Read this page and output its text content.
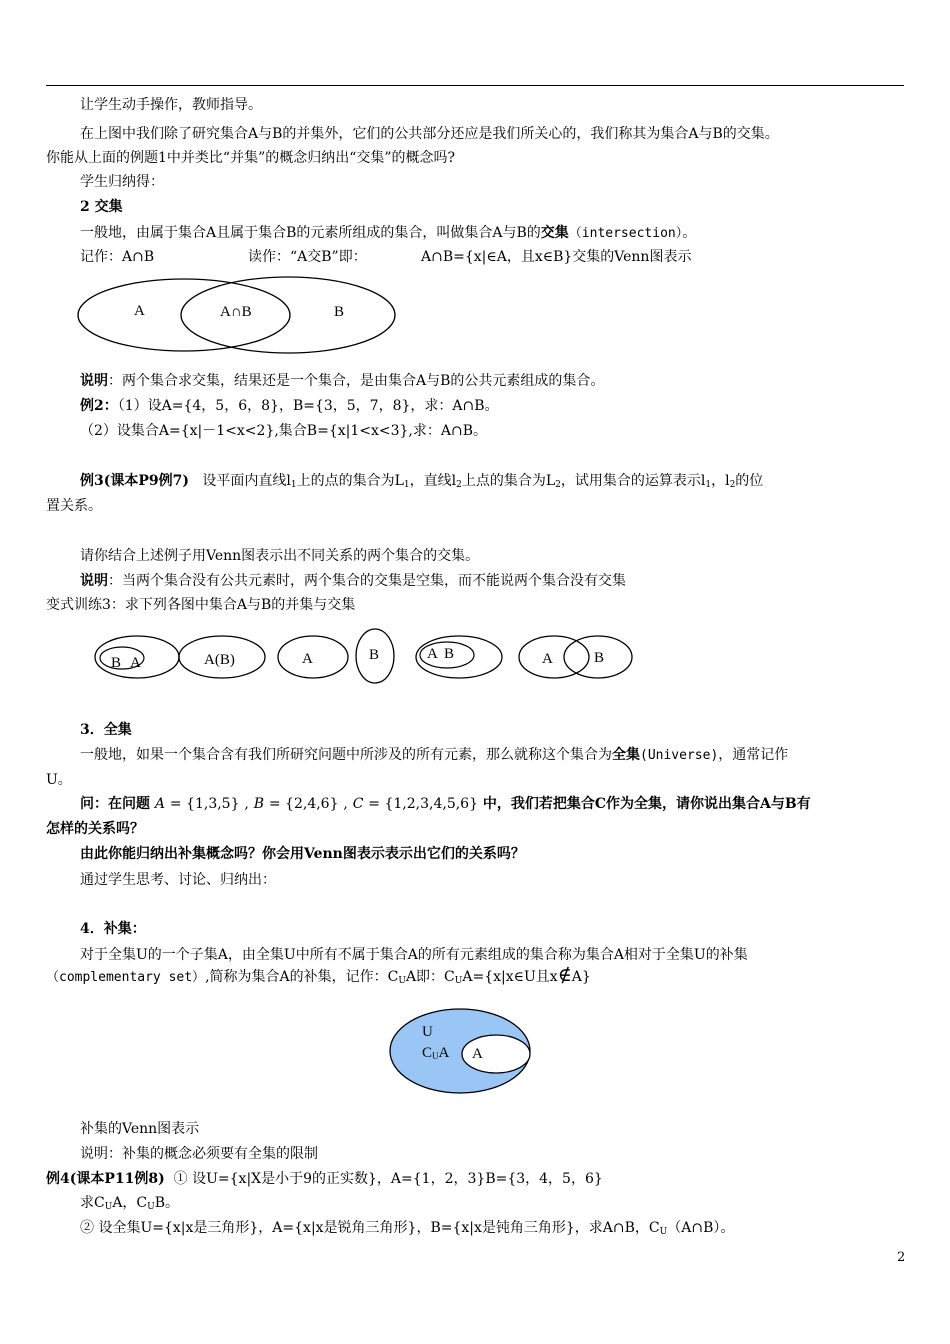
让学生动手操作，教师指导。
在上图中我们除了研究集合A与B的并集外，它们的公共部分还应是我们所关心的，我们称其为集合A与B的交集。
你能从上面的例题1中并类比“并集”的概念归纳出“交集”的概念吗?
学生归纳得：
2 交集
一般地，由属于集合A且属于集合B的元素所组成的集合，叫做集合A与B的交集（intersection）。
记作：A∩B	读作：“A交B”即：	A∩B={x|∈A，且x∈B}交集的Venn图表示
A	A∩B	B
说明：两个集合求交集，结果还是一个集合，是由集合A与B的公共元素组成的集合。
例2：（1）设A={4，5，6，8}，B={3，5，7，8}，求：A∩B。
（2）设集合A={x|－1<x<2},集合B={x|1<x<3},求：A∩B。
例3(课本P9例7) 设平面内直线$l_1$上的点的集合为$L_1$，直线$l_2$上点的集合为$L_2$，试用集合的运算表示$l_1$，$l_2$的位
置关系。
请你结合上述例子用Venn图表示出不同关系的两个集合的交集。
说明：当两个集合没有公共元素时，两个集合的交集是空集，而不能说两个集合没有交集
变式训练3：求下列各图中集合A与B的并集与交集
B A	A(B)	A	B	A B	A	B
3．全集
一般地，如果一个集合含有我们所研究问题中所涉及的所有元素，那么就称这个集合为全集(Universe)，通常记作
U。
问：在问题 A = {1,3,5} , B = {2,4,6} , C = {1,2,3,4,5,6} 中，我们若把集合C作为全集，请你说出集合A与B有
怎样的关系吗？
由此你能归纳出补集概念吗？你会用Venn图表示表示出它们的关系吗？
通过学生思考、讨论、归纳出：
4．补集：
对于全集U的一个子集A，由全集U中所有不属于集合A的所有元素组成的集合称为集合A相对于全集U的补集
（complementary set）,简称为集合A的补集，记作：$C_UA$即：$C_UA=\{x|x\in U$且x∉A}
U
CUA A
补集的Venn图表示
说明：补集的概念必须要有全集的限制
例4(课本P11例8) ① 设U={x|X是小于9的正实数}，A={1，2，3}B={3，4，5，6}
求$C_UA$，$C_UB$。
② 设全集U={x|x是三角形}，A={x|x是锐角三角形}，B={x|x是钝角三角形}，求A∩B，$C_U(A\cap B)$。
2
